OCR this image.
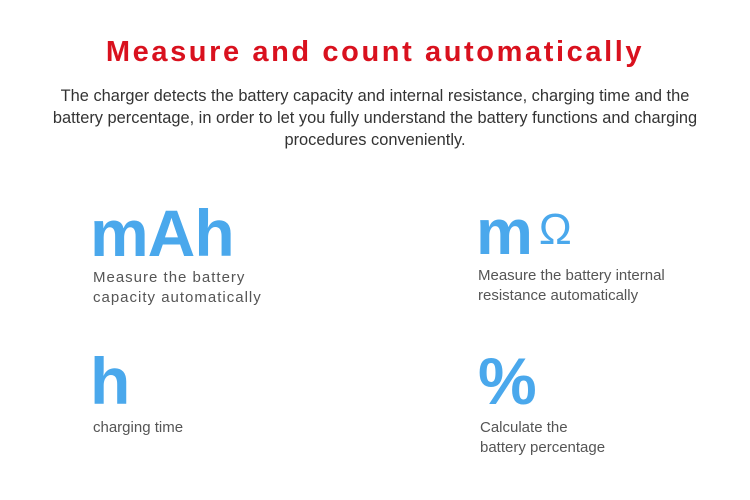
Measure and count automatically

The charger detects the battery capacity and internal resistance, charging time and the battery percentage, in order to let you fully understand the battery functions and charging procedures conveniently.

mAh
Measure the battery
capacity automatically
m Ω
Measure the battery internal
resistance automatically
h
charging time
%
Calculate the
battery percentage
